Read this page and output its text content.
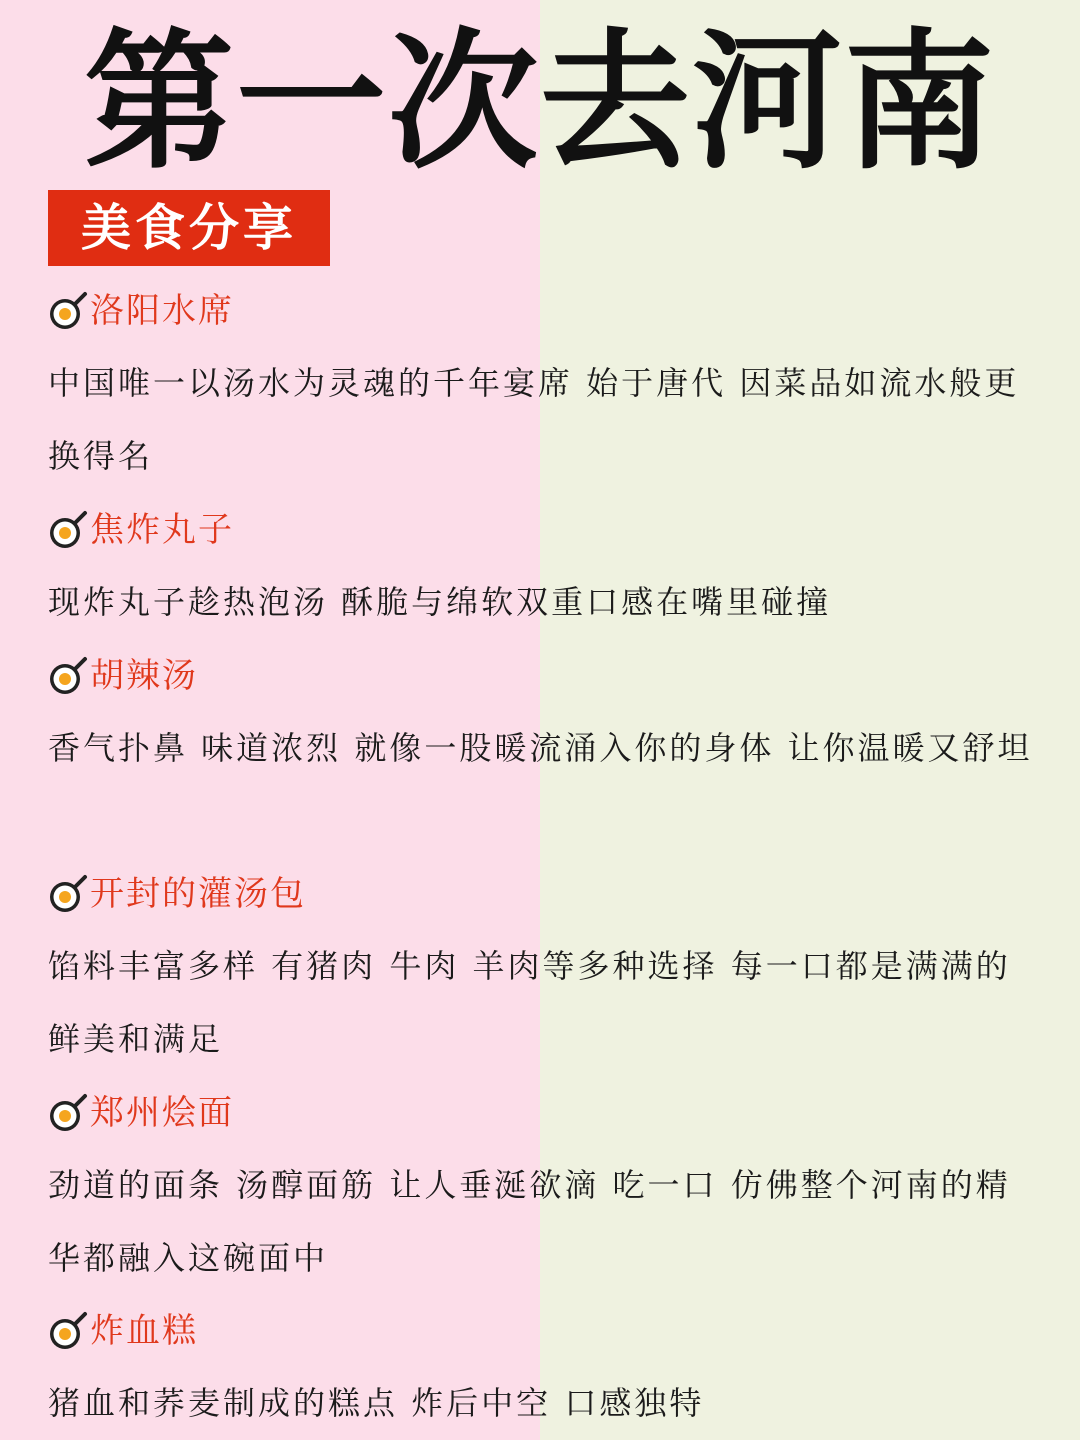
第一次去河南
美食分享
洛阳水席
中国唯一以汤水为灵魂的千年宴席 始于唐代 因菜品如流水般更换得名
焦炸丸子
现炸丸子趁热泡汤 酥脆与绵软双重口感在嘴里碰撞
胡辣汤
香气扑鼻 味道浓烈 就像一股暖流涌入你的身体 让你温暖又舒坦
开封的灌汤包
馅料丰富多样 有猪肉 牛肉 羊肉等多种选择 每一口都是满满的鲜美和满足
郑州烩面
劲道的面条 汤醇面筋 让人垂涎欲滴 吃一口 仿佛整个河南的精华都融入这碗面中
炸血糕
猪血和荞麦制成的糕点 炸后中空 口感独特
